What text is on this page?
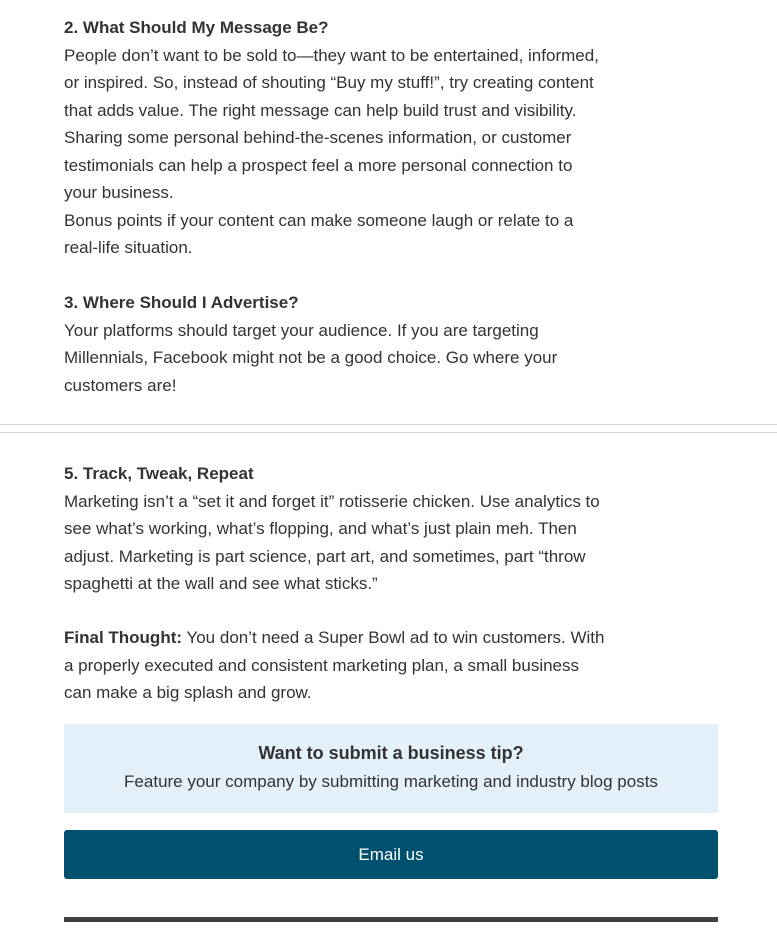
2. What Should My Message Be?

People don’t want to be sold to—they want to be entertained, informed,

or inspired. So, instead of shouting “Buy my stuff!”, try creating content

that adds value. The right message can help build trust and visibility.

Sharing some personal behind-the-scenes information, or customer

testimonials can help a prospect feel a more personal connection to

your business.

Bonus points if your content can make someone laugh or relate to a

real-life situation.

3. Where Should I Advertise?

Your platforms should target your audience. If you are targeting

Millennials, Facebook might not be a good choice. Go where your

customers are!

5. Track, Tweak, Repeat

Marketing isn’t a “set it and forget it” rotisserie chicken. Use analytics to

see what’s working, what’s flopping, and what’s just plain meh. Then

adjust. Marketing is part science, part art, and sometimes, part “throw

spaghetti at the wall and see what sticks.”

Final Thought: You don’t need a Super Bowl ad to win customers. With

a properly executed and consistent marketing plan, a small business

can make a big splash and grow.

Want to submit a business tip?
Feature your company by submitting marketing and industry blog posts
Email us
